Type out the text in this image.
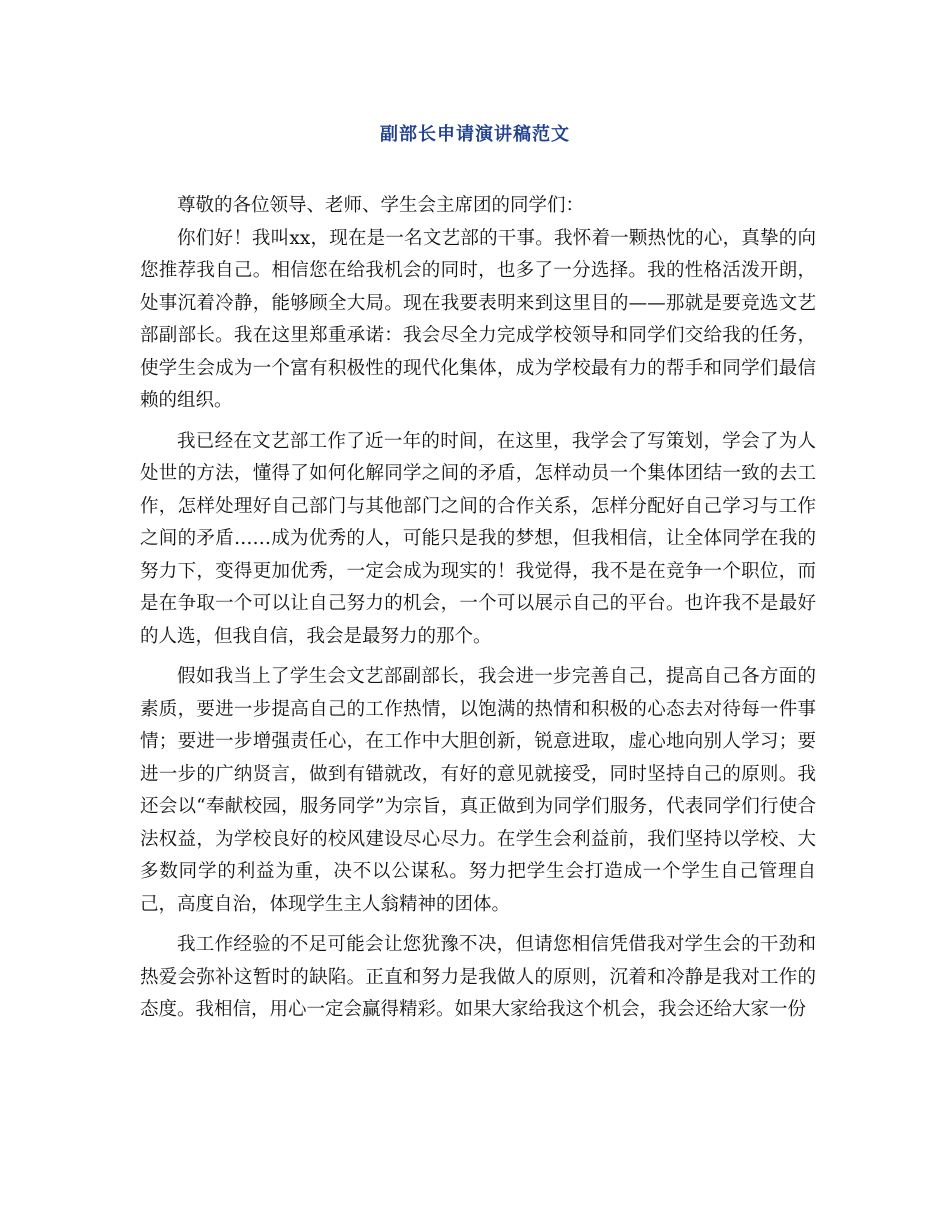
副部长申请演讲稿范文

尊敬的各位领导、老师、学生会主席团的同学们：

你们好！我叫xx，现在是一名文艺部的干事。我怀着一颗热忱的心，真挚的向您推荐我自己。相信您在给我机会的同时，也多了一分选择。我的性格活泼开朗，处事沉着冷静，能够顾全大局。现在我要表明来到这里目的——那就是要竞选文艺部副部长。我在这里郑重承诺：我会尽全力完成学校领导和同学们交给我的任务，使学生会成为一个富有积极性的现代化集体，成为学校最有力的帮手和同学们最信赖的组织。

我已经在文艺部工作了近一年的时间，在这里，我学会了写策划，学会了为人处世的方法，懂得了如何化解同学之间的矛盾，怎样动员一个集体团结一致的去工作，怎样处理好自己部门与其他部门之间的合作关系，怎样分配好自己学习与工作之间的矛盾……成为优秀的人，可能只是我的梦想，但我相信，让全体同学在我的努力下，变得更加优秀，一定会成为现实的！我觉得，我不是在竞争一个职位，而是在争取一个可以让自己努力的机会，一个可以展示自己的平台。也许我不是最好的人选，但我自信，我会是最努力的那个。

假如我当上了学生会文艺部副部长，我会进一步完善自己，提高自己各方面的素质，要进一步提高自己的工作热情，以饱满的热情和积极的心态去对待每一件事情；要进一步增强责任心，在工作中大胆创新，锐意进取，虚心地向别人学习；要进一步的广纳贤言，做到有错就改，有好的意见就接受，同时坚持自己的原则。我还会以“奉献校园，服务同学”为宗旨，真正做到为同学们服务，代表同学们行使合法权益，为学校良好的校风建设尽心尽力。在学生会利益前，我们坚持以学校、大多数同学的利益为重，决不以公谋私。努力把学生会打造成一个学生自己管理自己，高度自治，体现学生主人翁精神的团体。

我工作经验的不足可能会让您犹豫不决，但请您相信凭借我对学生会的干劲和热爱会弥补这暂时的缺陷。正直和努力是我做人的原则，沉着和冷静是我对工作的态度。我相信，用心一定会赢得精彩。如果大家给我这个机会，我会还给大家一份
